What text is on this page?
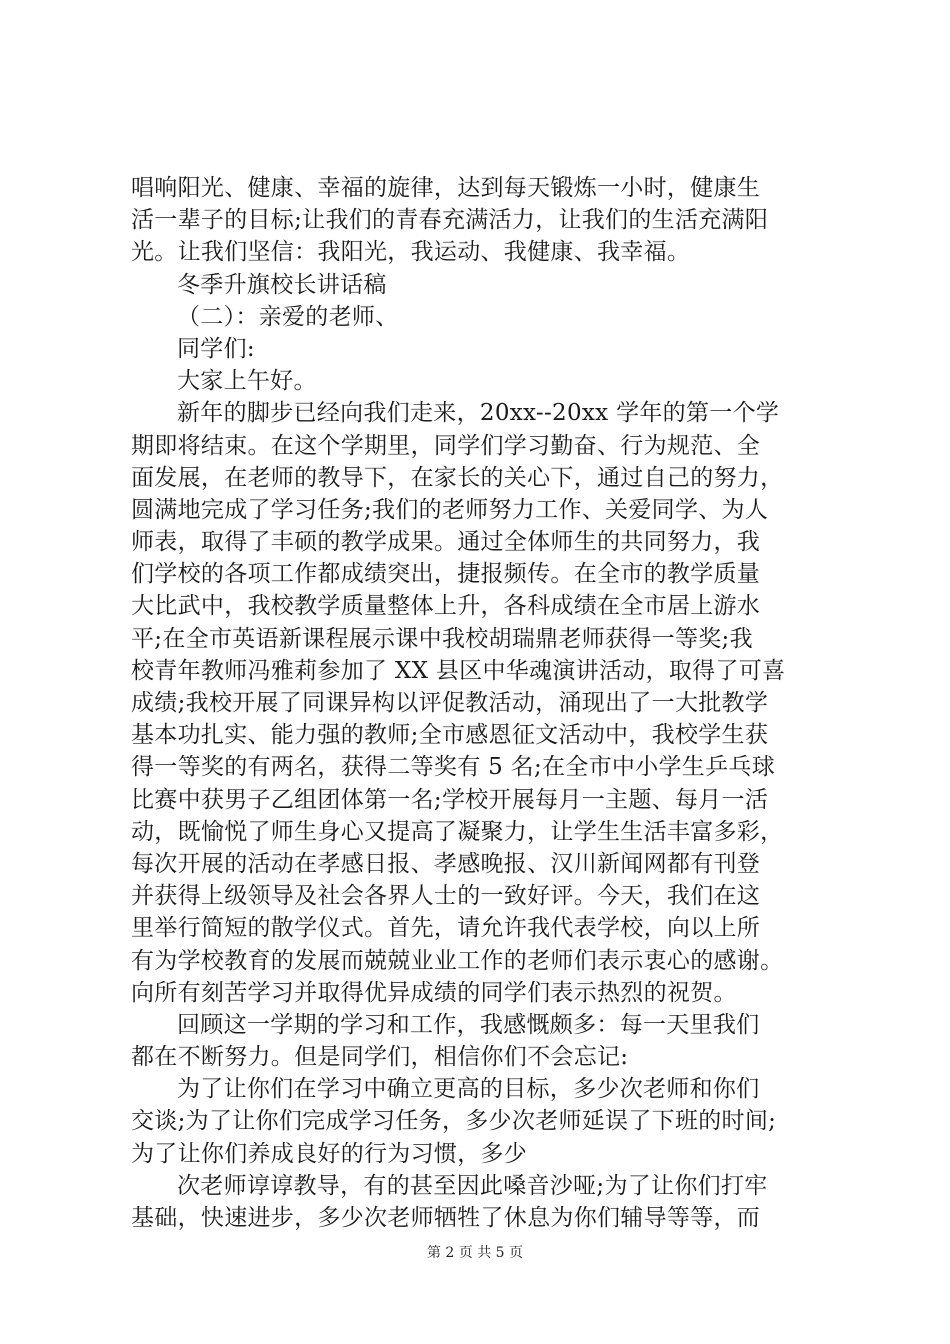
唱响阳光、健康、幸福的旋律，达到每天锻炼一小时，健康生
活一辈子的目标;让我们的青春充满活力，让我们的生活充满阳
光。让我们坚信：我阳光，我运动、我健康、我幸福。
冬季升旗校长讲话稿
（二）：亲爱的老师、
同学们:
大家上午好。
新年的脚步已经向我们走来，20xx--20xx 学年的第一个学
期即将结束。在这个学期里，同学们学习勤奋、行为规范、全
面发展，在老师的教导下，在家长的关心下，通过自己的努力，
圆满地完成了学习任务;我们的老师努力工作、关爱同学、为人
师表，取得了丰硕的教学成果。通过全体师生的共同努力，我
们学校的各项工作都成绩突出，捷报频传。在全市的教学质量
大比武中，我校教学质量整体上升，各科成绩在全市居上游水
平;在全市英语新课程展示课中我校胡瑞鼎老师获得一等奖;我
校青年教师冯雅莉参加了 XX 县区中华魂演讲活动，取得了可喜
成绩;我校开展了同课异构以评促教活动，涌现出了一大批教学
基本功扎实、能力强的教师;全市感恩征文活动中，我校学生获
得一等奖的有两名，获得二等奖有 5 名;在全市中小学生乒乓球
比赛中获男子乙组团体第一名;学校开展每月一主题、每月一活
动，既愉悦了师生身心又提高了凝聚力，让学生生活丰富多彩，
每次开展的活动在孝感日报、孝感晚报、汉川新闻网都有刊登
并获得上级领导及社会各界人士的一致好评。今天，我们在这
里举行简短的散学仪式。首先，请允许我代表学校，向以上所
有为学校教育的发展而兢兢业业工作的老师们表示衷心的感谢。
向所有刻苦学习并取得优异成绩的同学们表示热烈的祝贺。
回顾这一学期的学习和工作，我感慨颇多：每一天里我们
都在不断努力。但是同学们，相信你们不会忘记:
为了让你们在学习中确立更高的目标，多少次老师和你们
交谈;为了让你们完成学习任务，多少次老师延误了下班的时间;
为了让你们养成良好的行为习惯，多少
次老师谆谆教导，有的甚至因此嗓音沙哑;为了让你们打牢
基础，快速进步，多少次老师牺牲了休息为你们辅导等等，而
第 2 页 共 5 页
